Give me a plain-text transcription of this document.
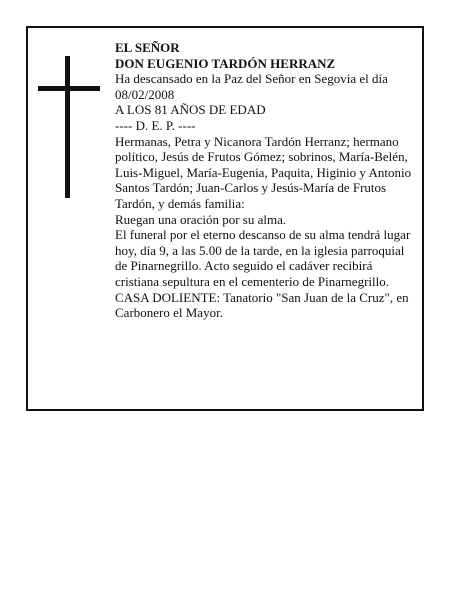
EL SEÑOR

DON EUGENIO TARDÓN HERRANZ

Ha descansado en la Paz del Señor en Segovia el día 08/02/2008

A LOS 81 AÑOS DE EDAD

---- D. E. P. ----

Hermanas, Petra y Nicanora Tardón Herranz; hermano político, Jesús de Frutos Gómez; sobrinos, María-Belén, Luis-Miguel, María-Eugenia, Paquita, Higinio y Antonio Santos Tardón; Juan-Carlos y Jesús-María de Frutos Tardón, y demás familia:

Ruegan una oración por su alma.

El funeral por el eterno descanso de su alma tendrá lugar hoy, día 9, a las 5.00 de la tarde, en la iglesia parroquial de Pinarnegrillo. Acto seguido el cadáver recibirá cristiana sepultura en el cementerio de Pinarnegrillo.

CASA DOLIENTE: Tanatorio "San Juan de la Cruz", en Carbonero el Mayor.
